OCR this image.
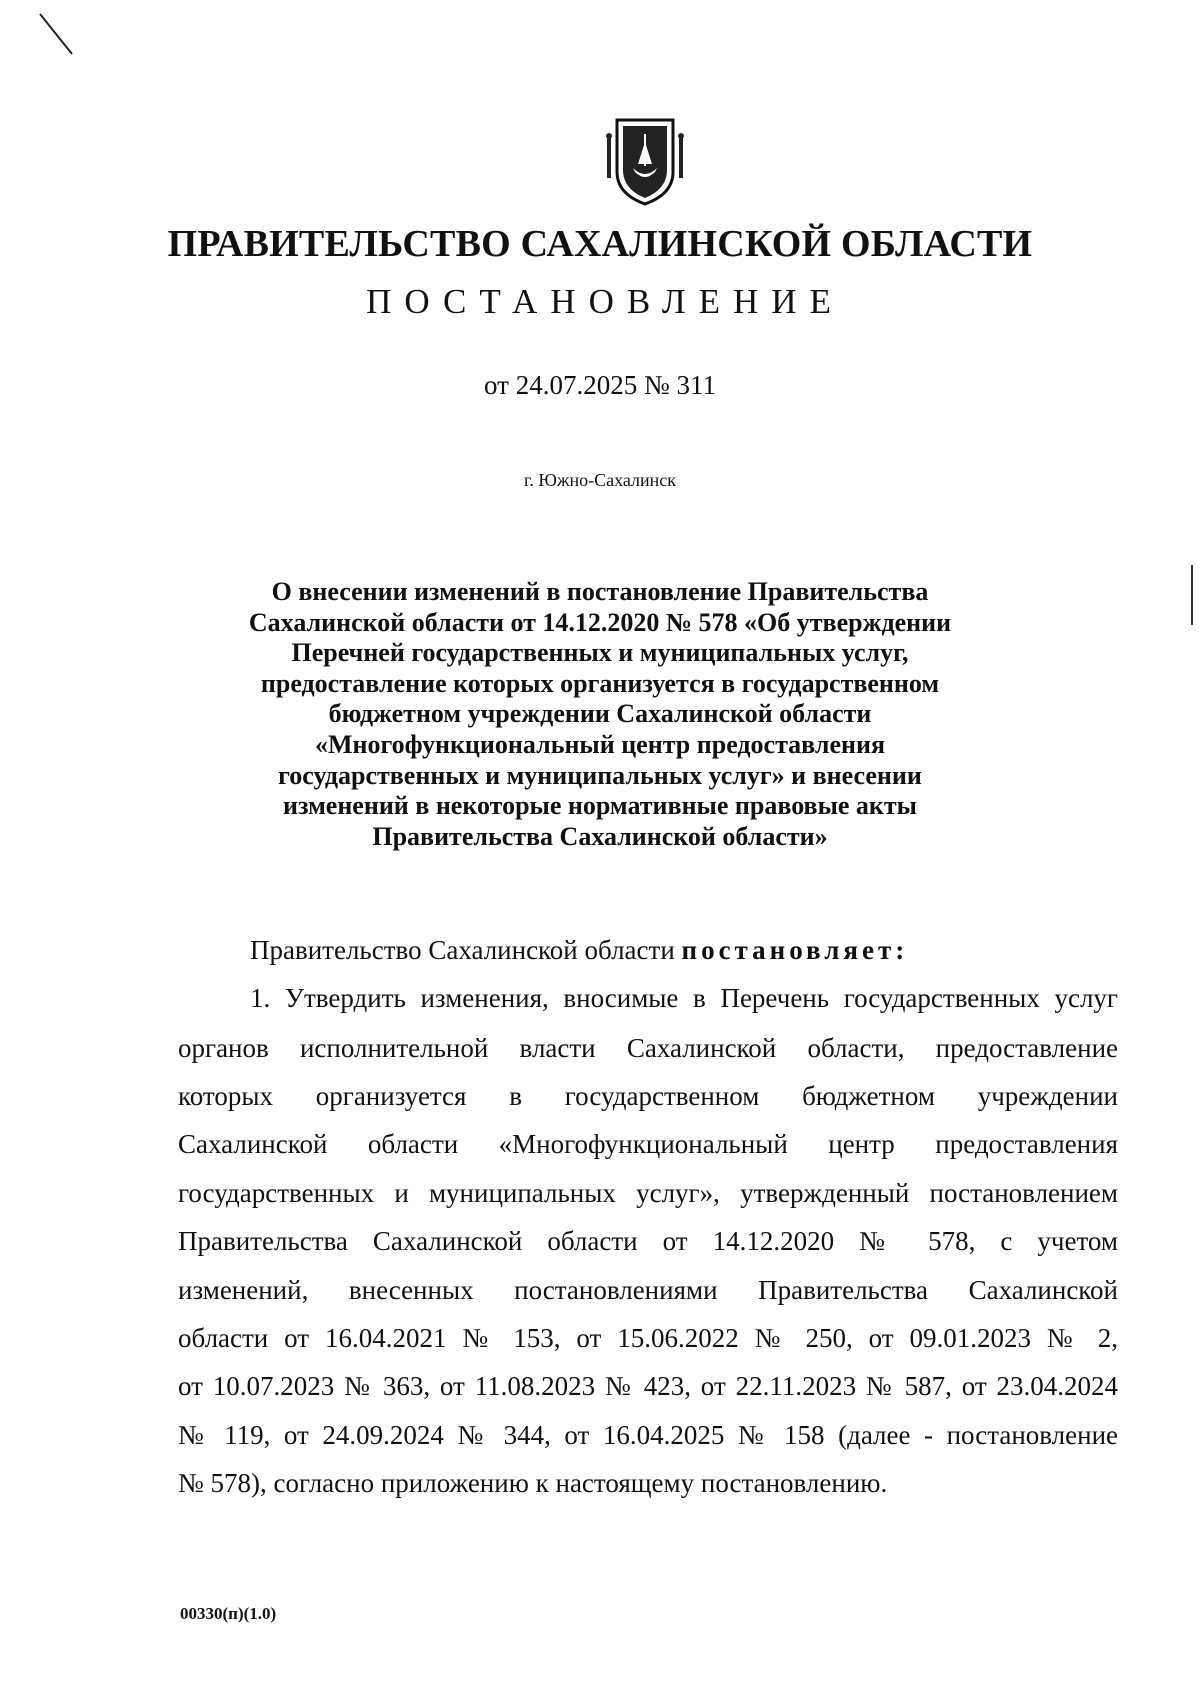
ПРАВИТЕЛЬСТВО САХАЛИНСКОЙ ОБЛАСТИ
ПОСТАНОВЛЕНИЕ
от 24.07.2025 № 311
г. Южно-Сахалинск
О внесении изменений в постановление Правительства
Сахалинской области от 14.12.2020 № 578 «Об утверждении
Перечней государственных и муниципальных услуг,
предоставление которых организуется в государственном
бюджетном учреждении Сахалинской области
«Многофункциональный центр предоставления
государственных и муниципальных услуг» и внесении
изменений в некоторые нормативные правовые акты
Правительства Сахалинской области»
Правительство Сахалинской области постановляет:
1. Утвердить изменения, вносимые в Перечень государственных услуг
органов исполнительной власти Сахалинской области, предоставление
которых организуется в государственном бюджетном учреждении
Сахалинской области «Многофункциональный центр предоставления
государственных и муниципальных услуг», утвержденный постановлением
Правительства Сахалинской области от 14.12.2020 № 578, с учетом
изменений, внесенных постановлениями Правительства Сахалинской
области от 16.04.2021 № 153, от 15.06.2022 № 250, от 09.01.2023 № 2,
от 10.07.2023 № 363, от 11.08.2023 № 423, от 22.11.2023 № 587, от 23.04.2024
№ 119, от 24.09.2024 № 344, от 16.04.2025 № 158 (далее - постановление
№ 578), согласно приложению к настоящему постановлению.
00330(п)(1.0)
